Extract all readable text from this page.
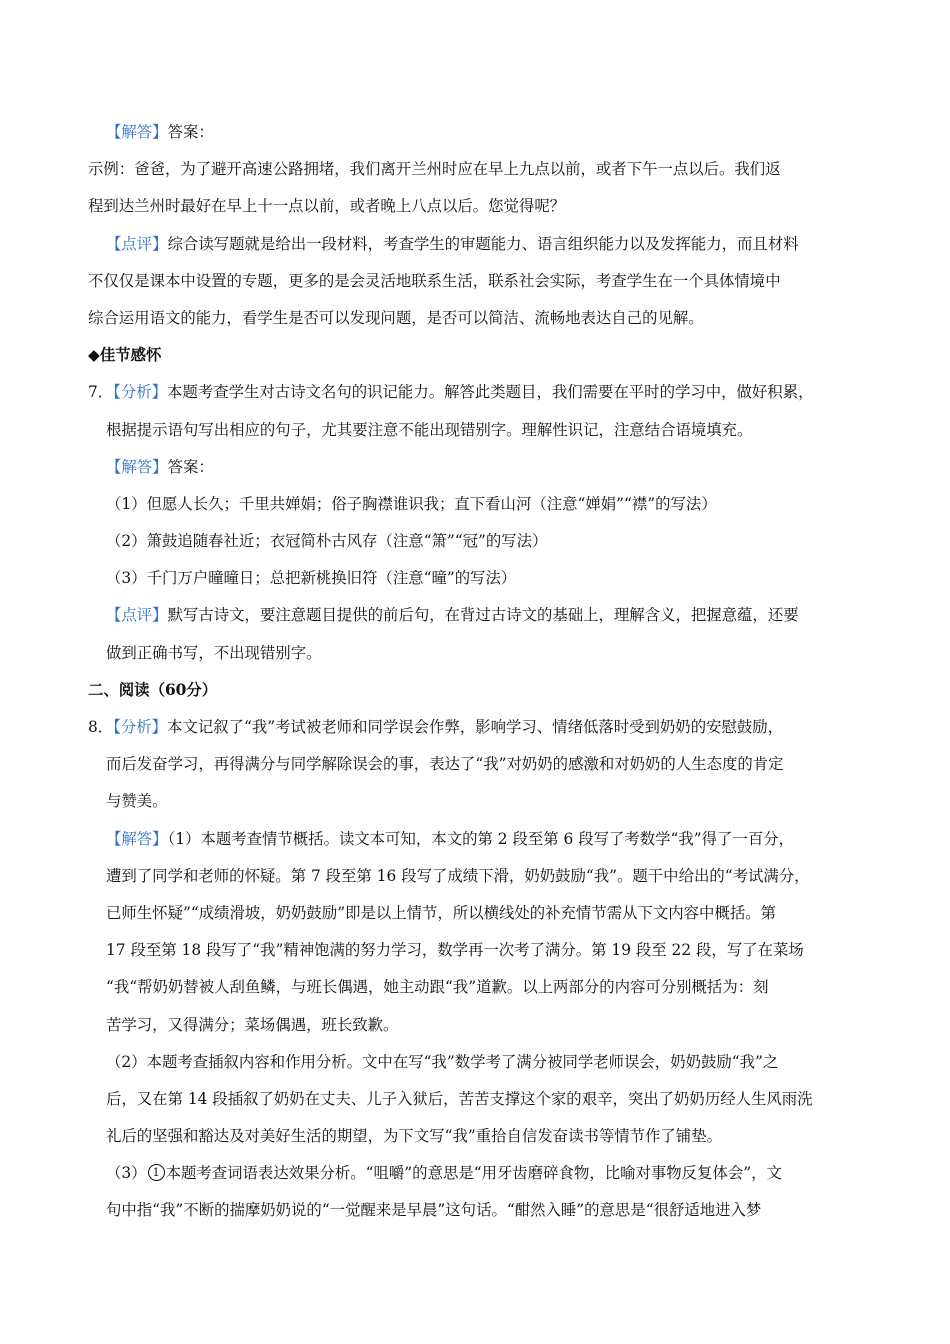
【解答】答案：
示例：爸爸，为了避开高速公路拥堵，我们离开兰州时应在早上九点以前，或者下午一点以后。我们返
程到达兰州时最好在早上十一点以前，或者晚上八点以后。您觉得呢？
【点评】综合读写题就是给出一段材料，考查学生的审题能力、语言组织能力以及发挥能力，而且材料
不仅仅是课本中设置的专题，更多的是会灵活地联系生活，联系社会实际，考查学生在一个具体情境中
综合运用语文的能力，看学生是否可以发现问题，是否可以简洁、流畅地表达自己的见解。
◆佳节感怀
7．【分析】本题考查学生对古诗文名句的识记能力。解答此类题目，我们需要在平时的学习中，做好积累，
根据提示语句写出相应的句子，尤其要注意不能出现错别字。理解性识记，注意结合语境填充。
【解答】答案：
（1）但愿人长久；千里共婵娟；俗子胸襟谁识我；直下看山河（注意“婵娟”“襟”的写法）
（2）箫鼓追随春社近；衣冠简朴古风存（注意“箫”“冠”的写法）
（3）千门万户曈曈日；总把新桃换旧符（注意“曈”的写法）
【点评】默写古诗文，要注意题目提供的前后句，在背过古诗文的基础上，理解含义，把握意蕴，还要
做到正确书写，不出现错别字。
二、阅读（60分）
8．【分析】本文记叙了“我”考试被老师和同学误会作弊，影响学习、情绪低落时受到奶奶的安慰鼓励，
而后发奋学习，再得满分与同学解除误会的事，表达了“我”对奶奶的感激和对奶奶的人生态度的肯定
与赞美。
【解答】（1）本题考查情节概括。读文本可知，本文的第 2 段至第 6 段写了考数学“我”得了一百分，
遭到了同学和老师的怀疑。第 7 段至第 16 段写了成绩下滑，奶奶鼓励“我”。题干中给出的“考试满分，
已师生怀疑”“成绩滑坡，奶奶鼓励”即是以上情节，所以横线处的补充情节需从下文内容中概括。第
17 段至第 18 段写了“我”精神饱满的努力学习，数学再一次考了满分。第 19 段至 22 段，写了在菜场
“我“帮奶奶替被人刮鱼鳞，与班长偶遇，她主动跟“我”道歉。以上两部分的内容可分别概括为：刻
苦学习，又得满分；菜场偶遇，班长致歉。
（2）本题考查插叙内容和作用分析。文中在写“我”数学考了满分被同学老师误会，奶奶鼓励“我”之
后，又在第 14 段插叙了奶奶在丈夫、儿子入狱后，苦苦支撑这个家的艰辛，突出了奶奶历经人生风雨洗
礼后的坚强和豁达及对美好生活的期望，为下文写“我”重拾自信发奋读书等情节作了铺垫。
（3） 1 本题考查词语表达效果分析。“咀嚼”的意思是“用牙齿磨碎食物，比喻对事物反复体会”，文
句中指“我”不断的揣摩奶奶说的“一觉醒来是早晨”这句话。“酣然入睡”的意思是“很舒适地进入梦
